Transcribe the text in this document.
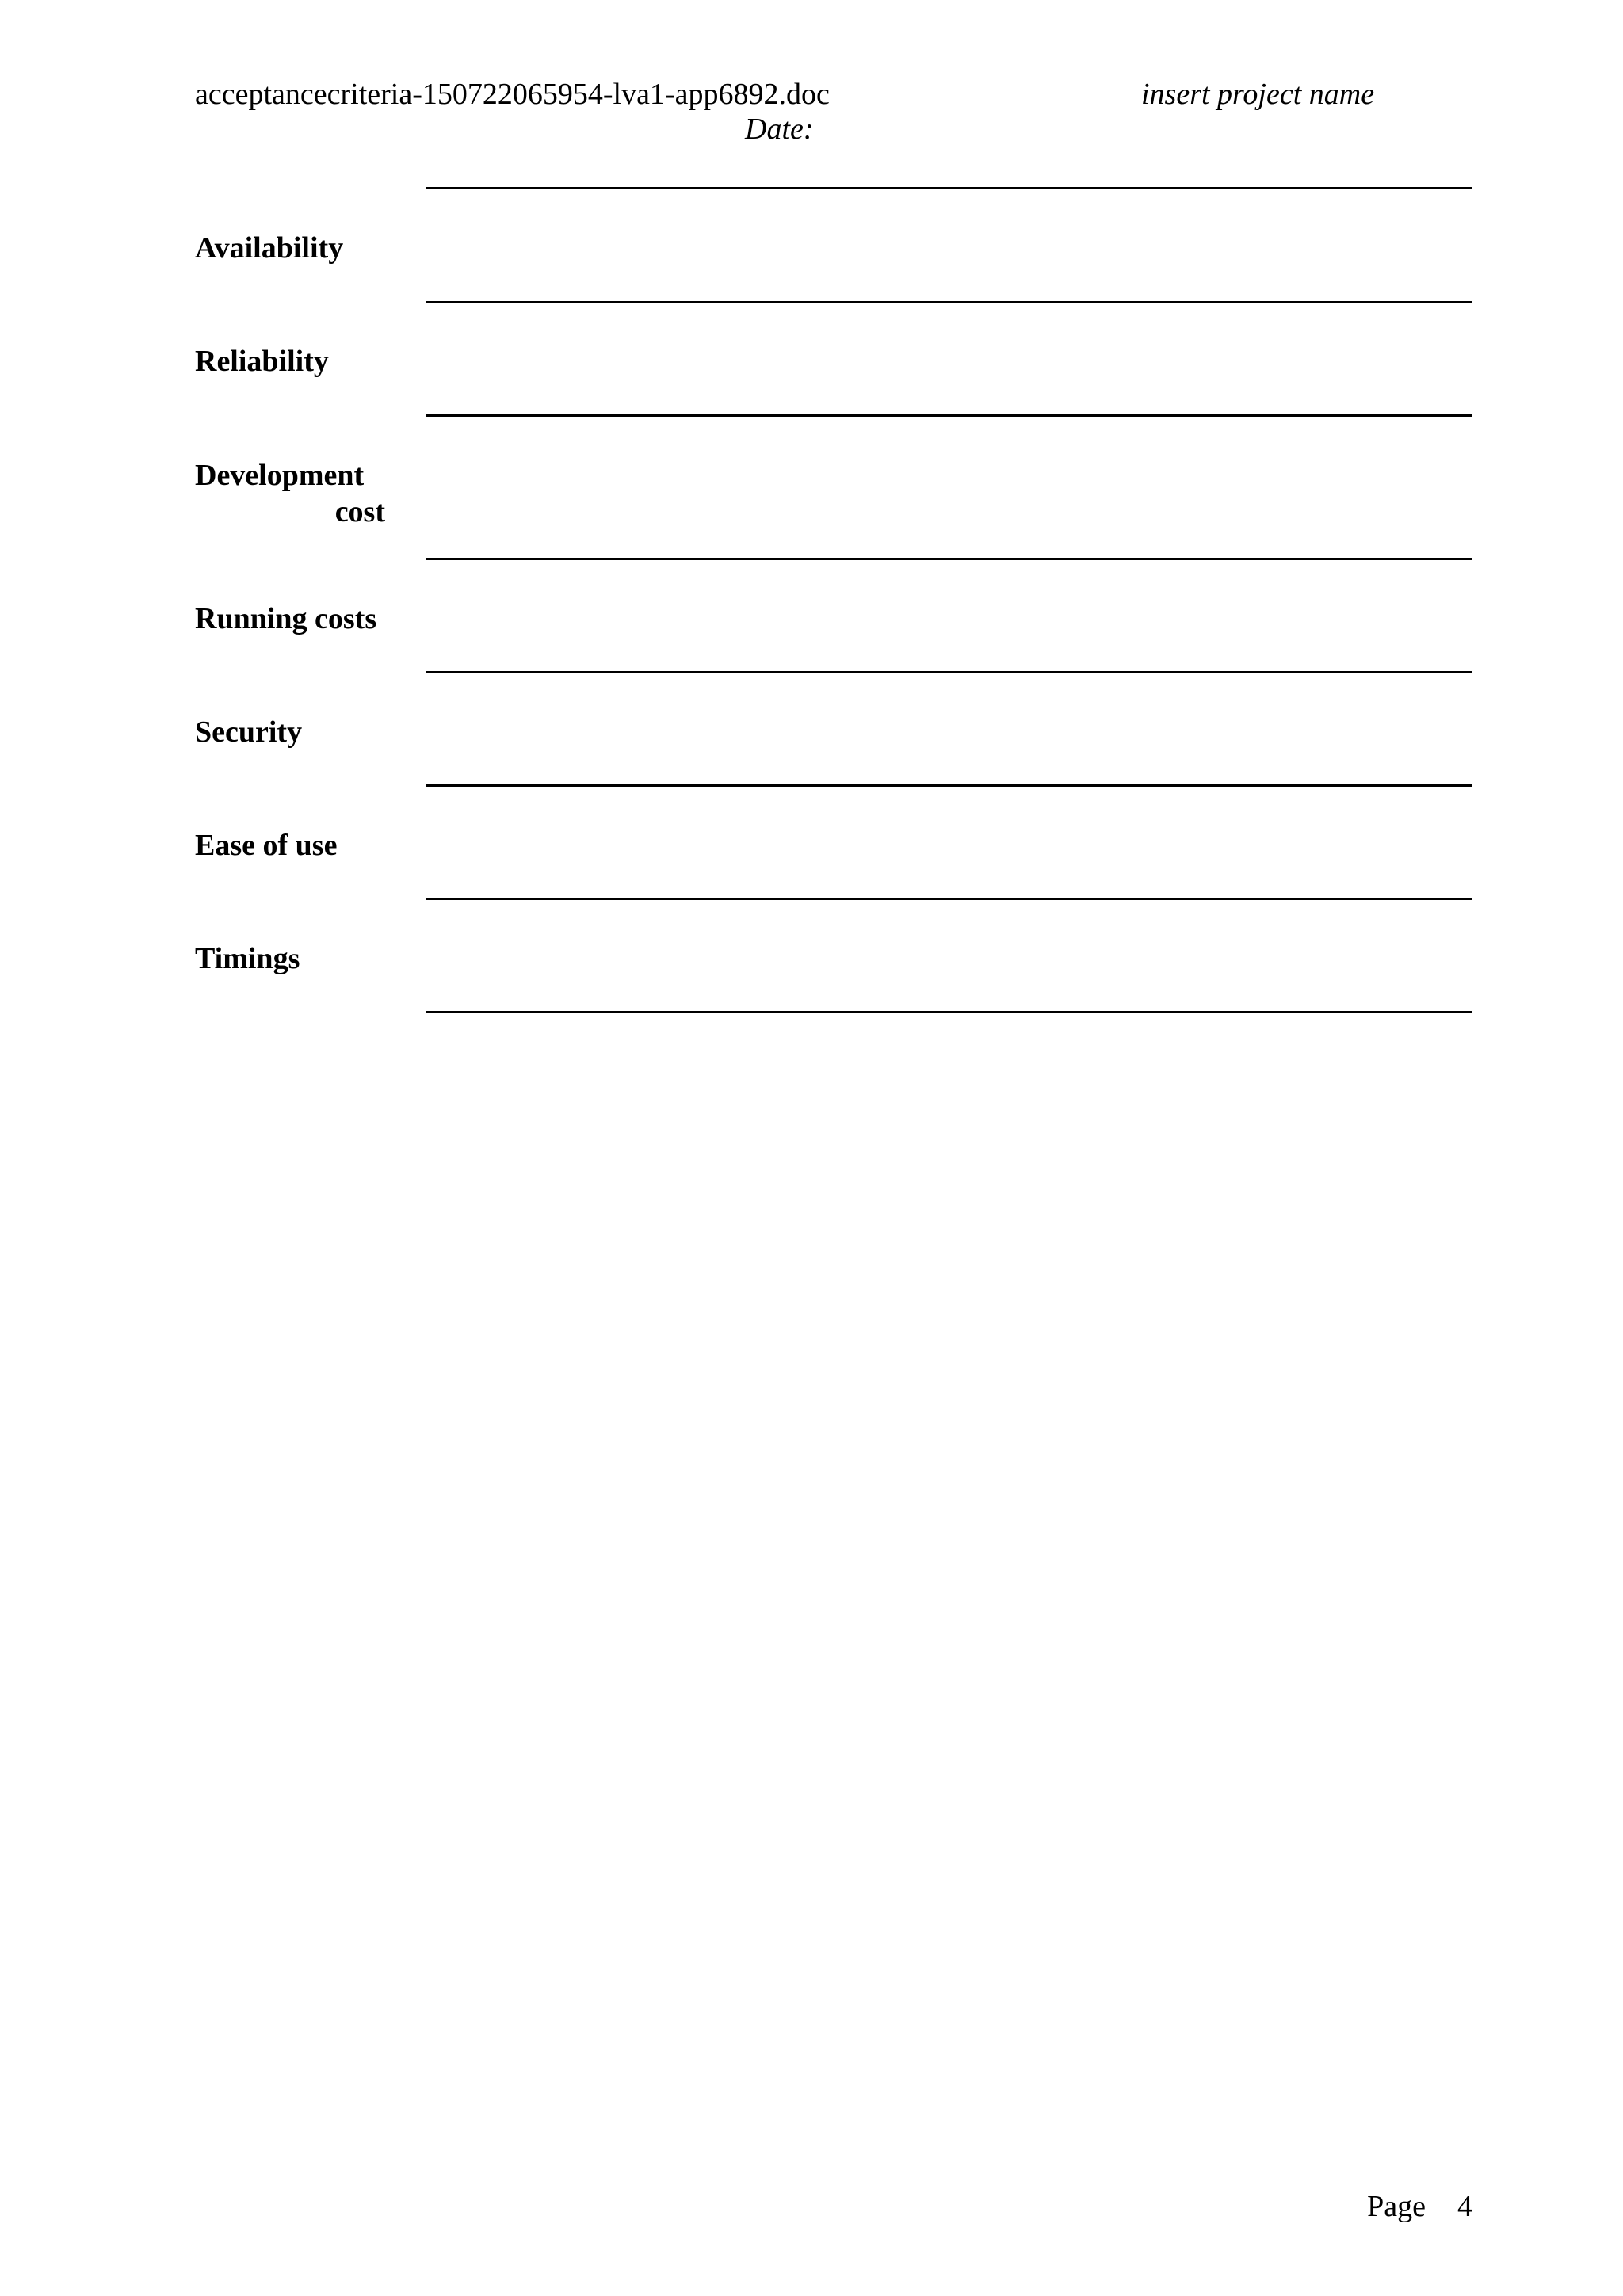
acceptancecriteria-150722065954-lva1-app6892.doc	insert project name
Date:
Availability
Reliability
Development
cost
Running costs
Security
Ease of use
Timings
Page 4
